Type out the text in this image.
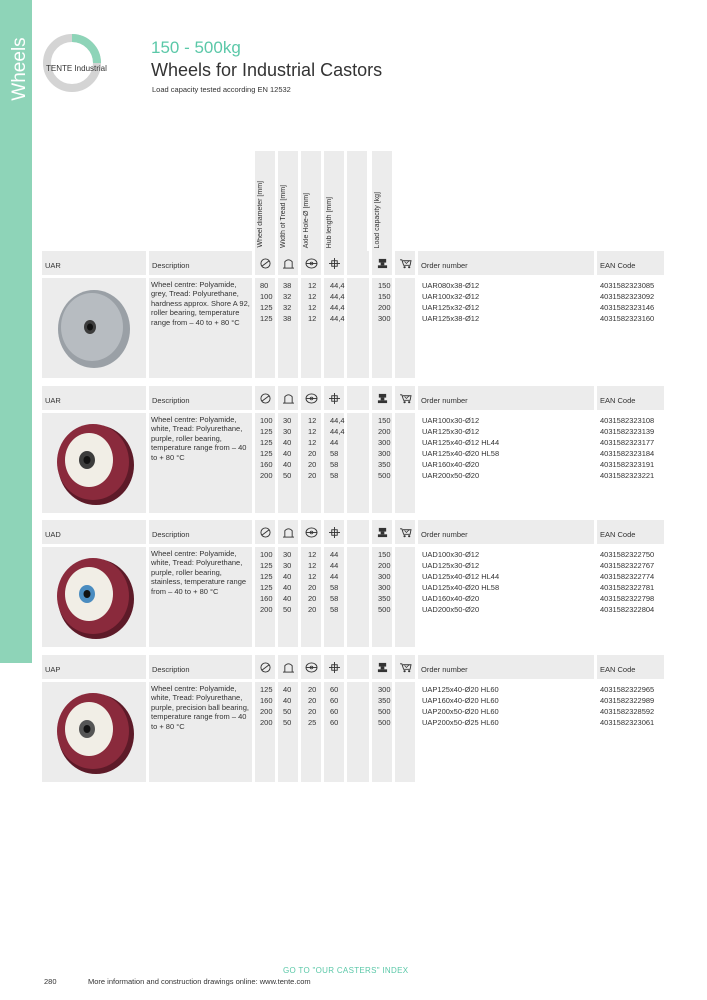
Wheels TENTE Industrial
150 - 500kg
Wheels for Industrial Castors
Load capacity tested according EN 12532
Wheel diameter [mm] Width of Tread [mm] Axle Hole-Ø [mm] Hub length [mm]	Load capacity [kg]
UAR	Description	Order number	EAN Code
Wheel centre: Polyamide, grey, Tread: Polyurethane, hardness approx. Shore A 92, roller bearing, temperature range from – 40 to + 80 °C
80 38 12 44,4	150	UAR080x38-Ø12	4031582323085
100 32 12 44,4	150	UAR100x32-Ø12	4031582323092
125 32 12 44,4	200	UAR125x32-Ø12	4031582323146
125 38 12 44,4	300	UAR125x38-Ø12	4031582323160
UAR	Description	Order number	EAN Code
Wheel centre: Polyamide, white, Tread: Polyurethane, purple, roller bearing, temperature range from – 40 to + 80 °C
100 30 12 44,4	150	UAR100x30-Ø12	4031582323108
125 30 12 44,4	200	UAR125x30-Ø12	4031582323139
125 40 12 44	300	UAR125x40-Ø12 HL44	4031582323177
125 40 20 58	300	UAR125x40-Ø20 HL58	4031582323184
160 40 20 58	350	UAR160x40-Ø20	4031582323191
200 50 20 58	500	UAR200x50-Ø20	4031582323221
UAD	Description	Order number	EAN Code
Wheel centre: Polyamide, white, Tread: Polyurethane, purple, roller bearing, stainless, temperature range from – 40 to + 80 °C
100 30 12 44	150	UAD100x30-Ø12	4031582322750
125 30 12 44	200	UAD125x30-Ø12	4031582322767
125 40 12 44	300	UAD125x40-Ø12 HL44	4031582322774
125 40 20 58	300	UAD125x40-Ø20 HL58	4031582322781
160 40 20 58	350	UAD160x40-Ø20	4031582322798
200 50 20 58	500	UAD200x50-Ø20	4031582322804
UAP	Description	Order number	EAN Code
Wheel centre: Polyamide, white, Tread: Polyurethane, purple, precision ball bearing, temperature range from – 40 to + 80 °C
125 40 20 60	300	UAP125x40-Ø20 HL60	4031582322965
160 40 20 60	350	UAP160x40-Ø20 HL60	4031582322989
200 50 20 60	500	UAP200x50-Ø20 HL60	4031582328592
200 50 25 60	500	UAP200x50-Ø25 HL60	4031582323061
GO TO "OUR CASTERS" INDEX
280	More information and construction drawings online: www.tente.com
